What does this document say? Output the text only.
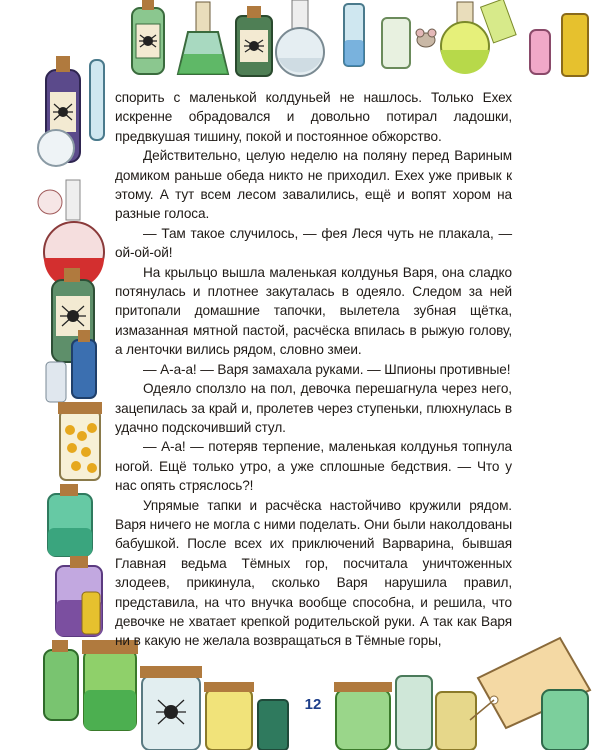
спорить с маленькой колдуньей не нашлось. Только Ехех искренне обрадовался и довольно потирал ладошки, предвкушая тишину, покой и постоянное обжорство.

Действительно, целую неделю на поляну перед Вариным домиком раньше обеда никто не приходил. Ехех уже привык к этому. А тут всем лесом завалились, ещё и вопят хором на разные голоса.

— Там такое случилось, — фея Леся чуть не плакала, — ой-ой-ой!

На крыльцо вышла маленькая колдунья Варя, она сладко потянулась и плотнее закуталась в одеяло. Следом за ней притопали домашние тапочки, вылетела зубная щётка, измазанная мятной пастой, расчёска впилась в рыжую голову, а ленточки вились рядом, словно змеи.

— А-а-а! — Варя замахала руками. — Шпионы противные!

Одеяло сползло на пол, девочка перешагнула через него, зацепилась за край и, пролетев через ступеньки, плюхнулась в удачно подскочивший стул.

— А-а! — потеряв терпение, маленькая колдунья топнула ногой. Ещё только утро, а уже сплошные бедствия. — Что у нас опять стряслось?!

Упрямые тапки и расчёска настойчиво кружили рядом. Варя ничего не могла с ними поделать. Они были наколдованы бабушкой. После всех их приключений Варварина, бывшая Главная ведьма Тёмных гор, посчитала уничтоженных злодеев, прикинула, сколько Варя нарушила правил, представила, на что внучка вообще способна, и решила, что девочке не хватает крепкой родительской руки. А так как Варя ни в какую не желала возвращаться в Тёмные горы,

12
